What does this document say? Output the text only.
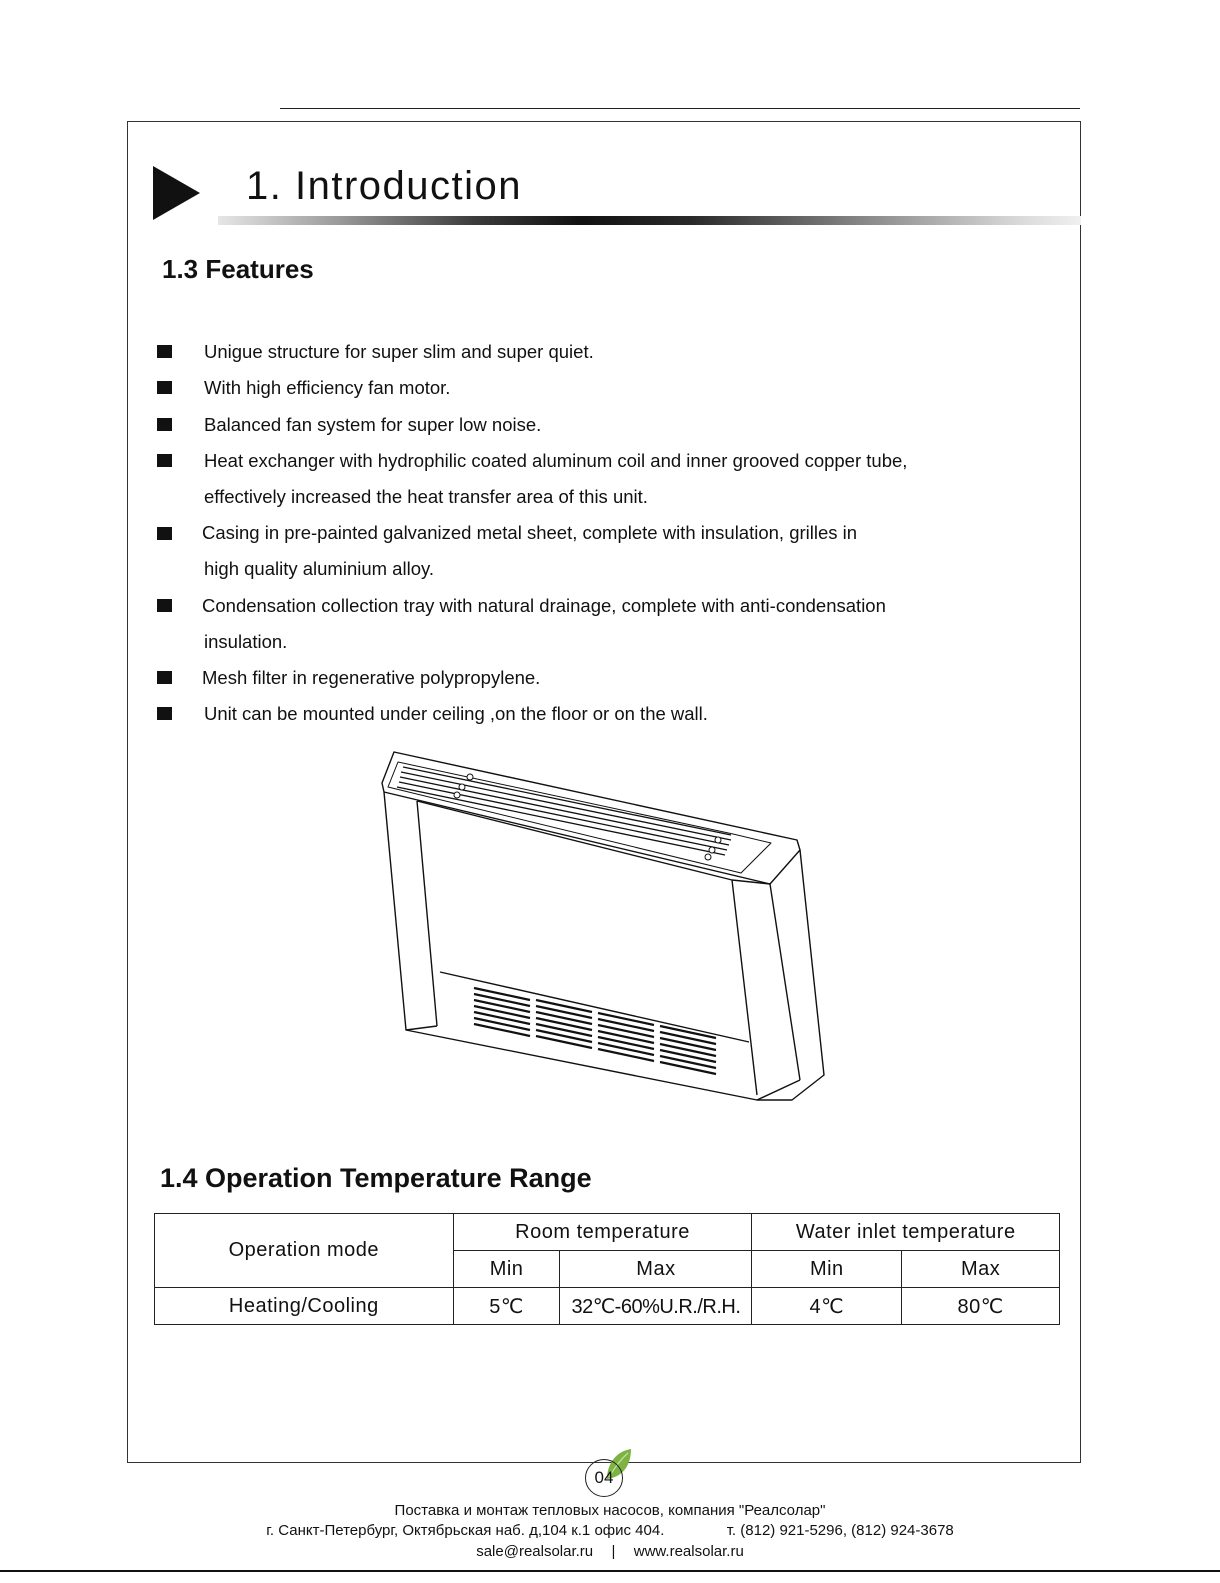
1. Introduction
1.3 Features
Unigue structure for super slim and super quiet.
With high efficiency fan motor.
Balanced fan system for super low noise.
Heat exchanger with hydrophilic coated aluminum coil and inner grooved copper tube,
effectively increased the heat transfer area of this unit.
Casing in pre-painted galvanized metal sheet, complete with insulation, grilles in
high quality aluminium alloy.
Condensation collection tray with natural drainage, complete with anti-condensation
insulation.
Mesh filter in regenerative polypropylene.
Unit can be mounted under ceiling ,on the floor or on the wall.
1.4 Operation Temperature Range
Operation mode	Room temperature		Water inlet temperature	
	Min	Max	Min	Max
Heating/Cooling	5℃	32℃-60%U.R./R.H.	4℃	80℃
04
Поставка и монтаж тепловых насосов, компания "Реалсолар"
г. Санкт-Петербург, Октябрьская наб. д,104 к.1 офис 404.	т. (812) 921-5296, (812) 924-3678
sale@realsolar.ru | www.realsolar.ru
